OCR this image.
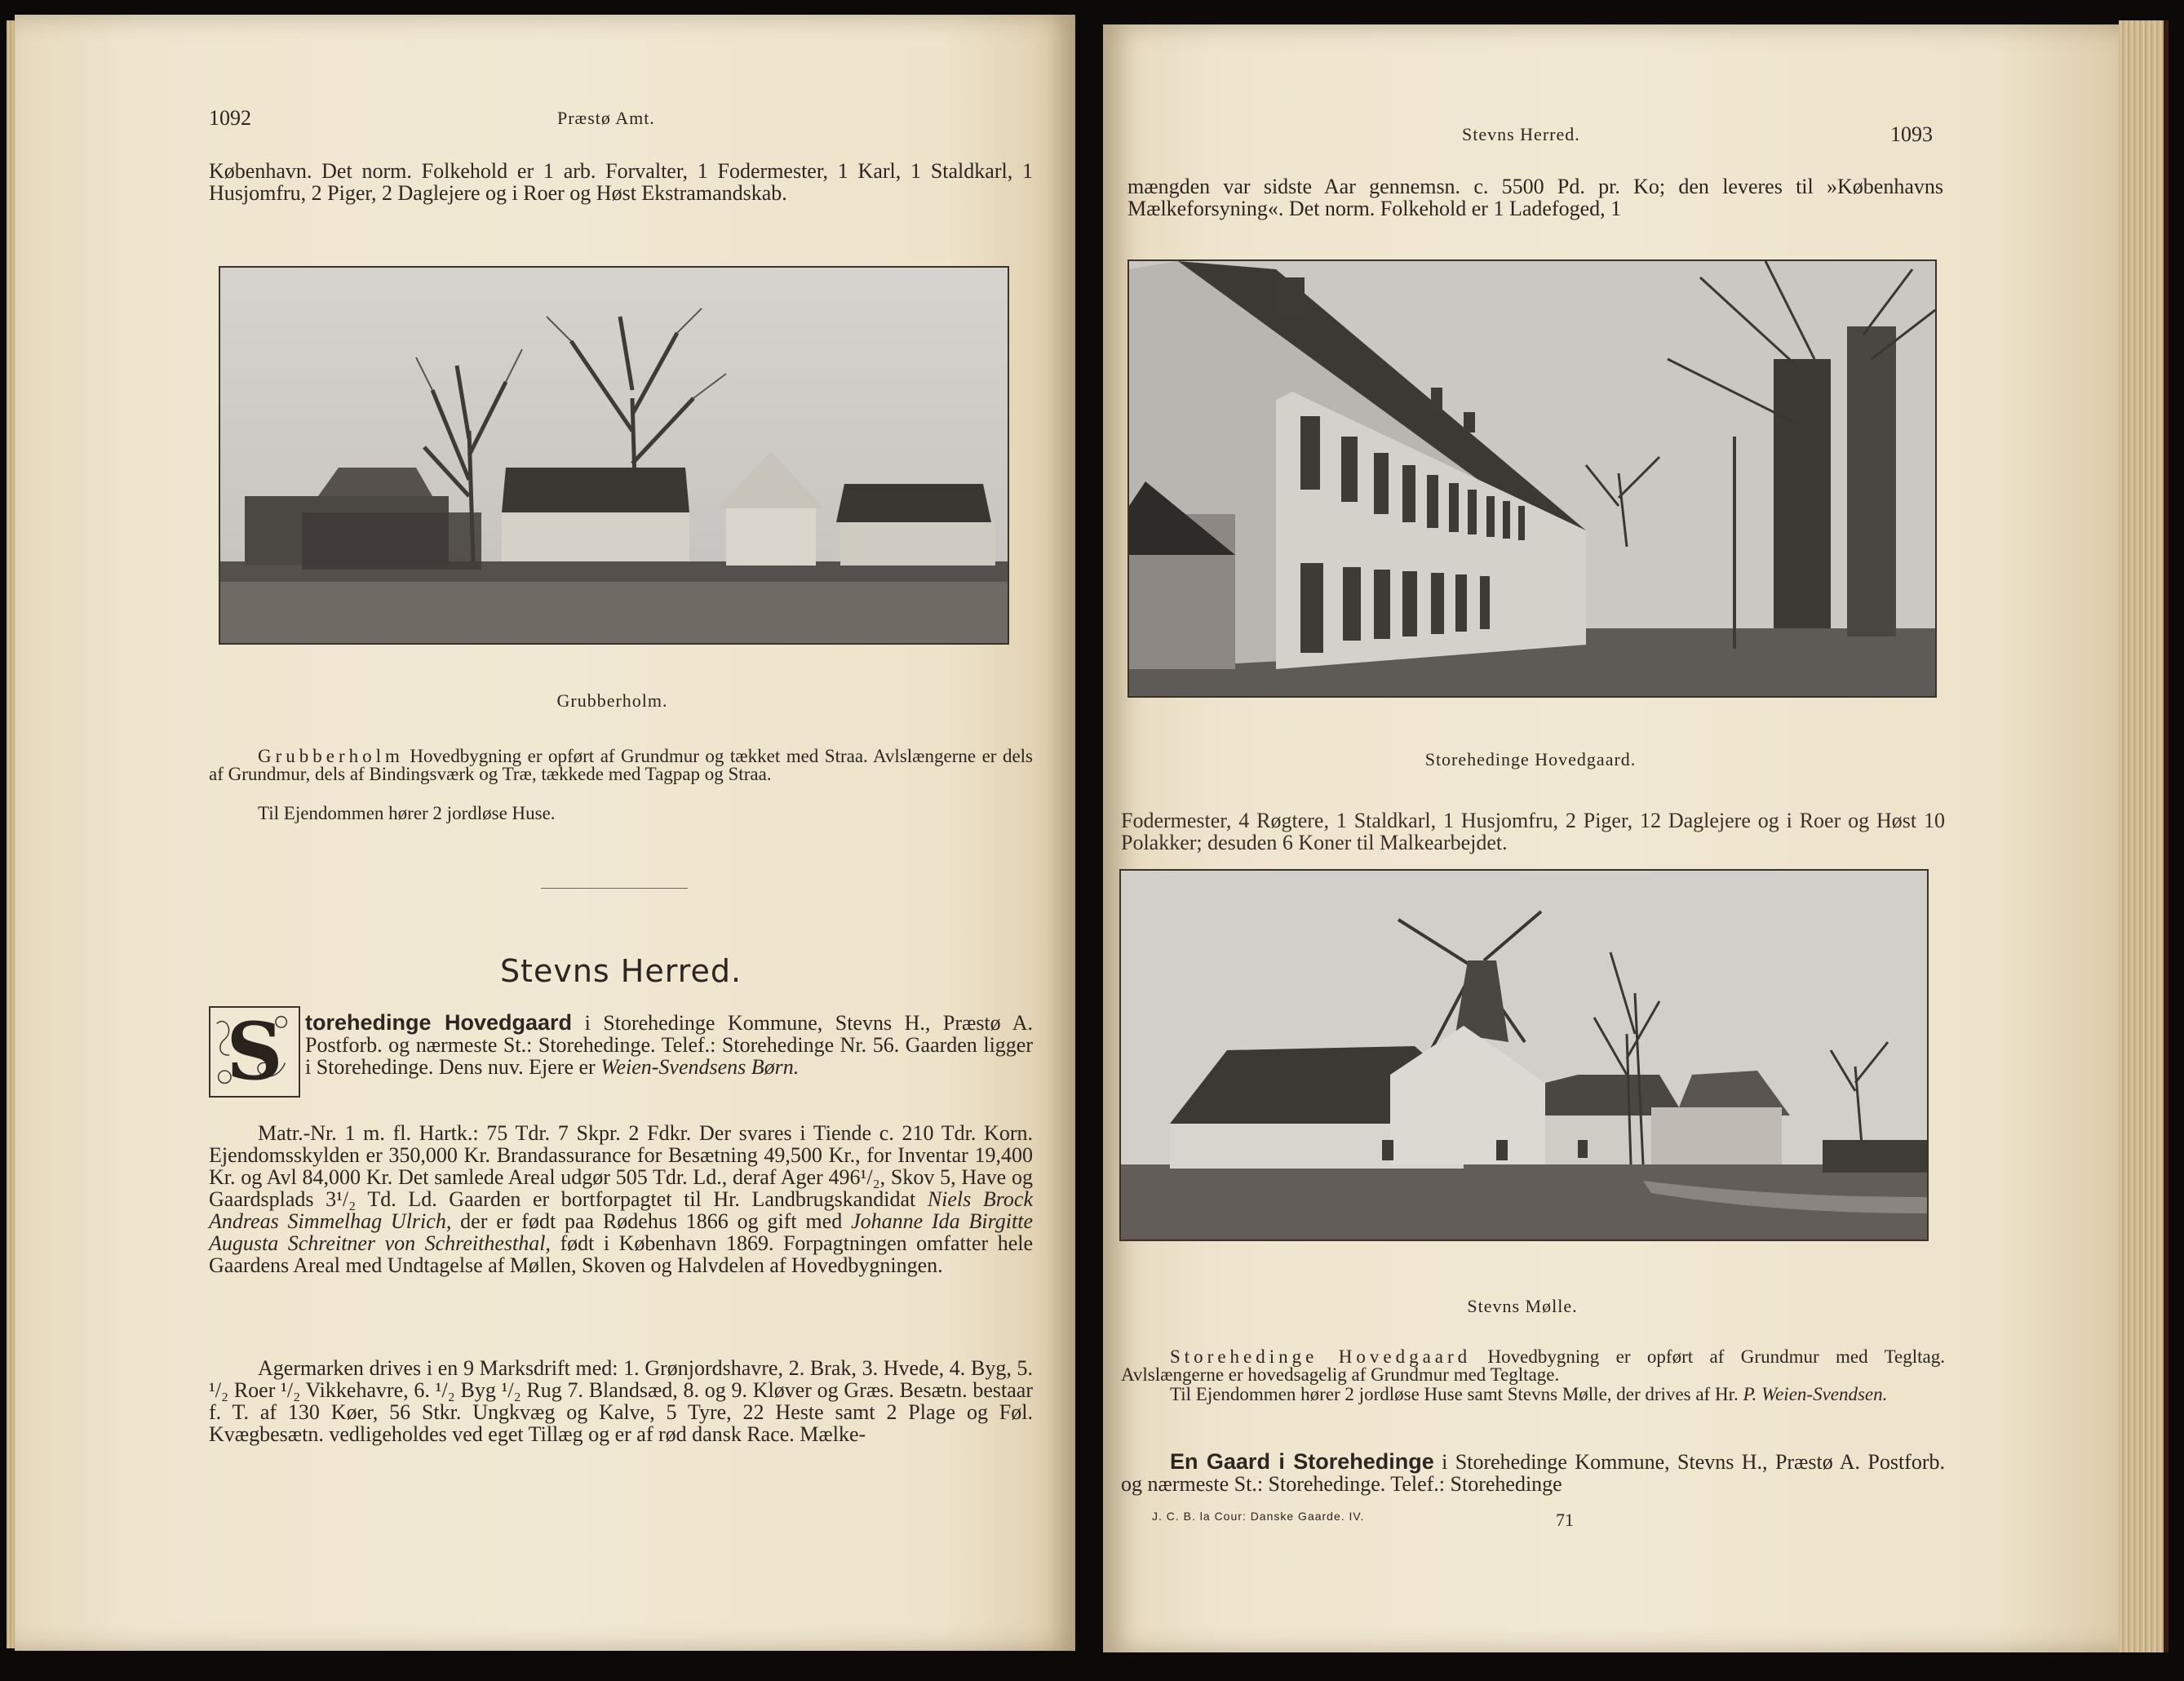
1092	Præstø Amt.

København. Det norm. Folkehold er 1 arb. Forvalter, 1 Fodermester, 1 Karl, 1 Staldkarl, 1 Husjomfru, 2 Piger, 2 Daglejere og i Roer og Høst Ekstramandskab.

Grubberholm.
Grubberholm Hovedbygning er opført af Grundmur og tækket med Straa. Avlslængerne er dels af Grundmur, dels af Bindingsværk og Træ, tækkede med Tagpap og Straa.
Til Ejendommen hører 2 jordløse Huse.
Stevns Herred.
S	torehedinge Hovedgaard i Storehedinge Kommune, Stevns H., Præstø A. Postforb. og nærmeste St.: Storehedinge. Telef.: Storehedinge Nr. 56. Gaarden ligger i Storehedinge. Dens nuv. Ejere er Weien-Svendsens Børn.
Matr.-Nr. 1 m. fl. Hartk.: 75 Tdr. 7 Skpr. 2 Fdkr. Der svares i Tiende c. 210 Tdr. Korn. Ejendomsskylden er 350,000 Kr. Brandassurance for Besætning 49,500 Kr., for Inventar 19,400 Kr. og Avl 84,000 Kr. Det samlede Areal udgør 505 Tdr. Ld., deraf Ager 496¹/₂, Skov 5, Have og Gaardsplads 3¹/₂ Td. Ld. Gaarden er bortforpagtet til Hr. Landbrugskandidat Niels Brock Andreas Simmelhag Ulrich, der er født paa Rødehus 1866 og gift med Johanne Ida Birgitte Augusta Schreitner von Schreithesthal, født i København 1869. Forpagtningen omfatter hele Gaardens Areal med Undtagelse af Møllen, Skoven og Halvdelen af Hovedbygningen.

Agermarken drives i en 9 Marksdrift med: 1. Grønjordshavre, 2. Brak, 3. Hvede, 4. Byg, 5. ¹/₂ Roer ¹/₂ Vikkehavre, 6. ¹/₂ Byg ¹/₂ Rug 7. Blandsæd, 8. og 9. Kløver og Græs. Besætn. bestaar f. T. af 130 Køer, 56 Stkr. Ungkvæg og Kalve, 5 Tyre, 22 Heste samt 2 Plage og Føl. Kvægbesætn. vedligeholdes ved eget Tillæg og er af rød dansk Race. Mælke-

Stevns Herred.	1093

mængden var sidste Aar gennemsn. c. 5500 Pd. pr. Ko; den leveres til »Københavns Mælkeforsyning«. Det norm. Folkehold er 1 Ladefoged, 1

Storehedinge Hovedgaard.

Fodermester, 4 Røgtere, 1 Staldkarl, 1 Husjomfru, 2 Piger, 12 Daglejere og i Roer og Høst 10 Polakker; desuden 6 Koner til Malkearbejdet.

Stevns Mølle.
Storehedinge Hovedgaard Hovedbygning er opført af Grundmur med Tegltag. Avlslængerne er hovedsagelig af Grundmur med Tegltage.
Til Ejendommen hører 2 jordløse Huse samt Stevns Mølle, der drives af Hr. P. Weien-Svendsen.
En Gaard i Storehedinge i Storehedinge Kommune, Stevns H., Præstø A. Postforb. og nærmeste St.: Storehedinge. Telef.: Storehedinge
J. C. B. la Cour: Danske Gaarde. IV.	71
